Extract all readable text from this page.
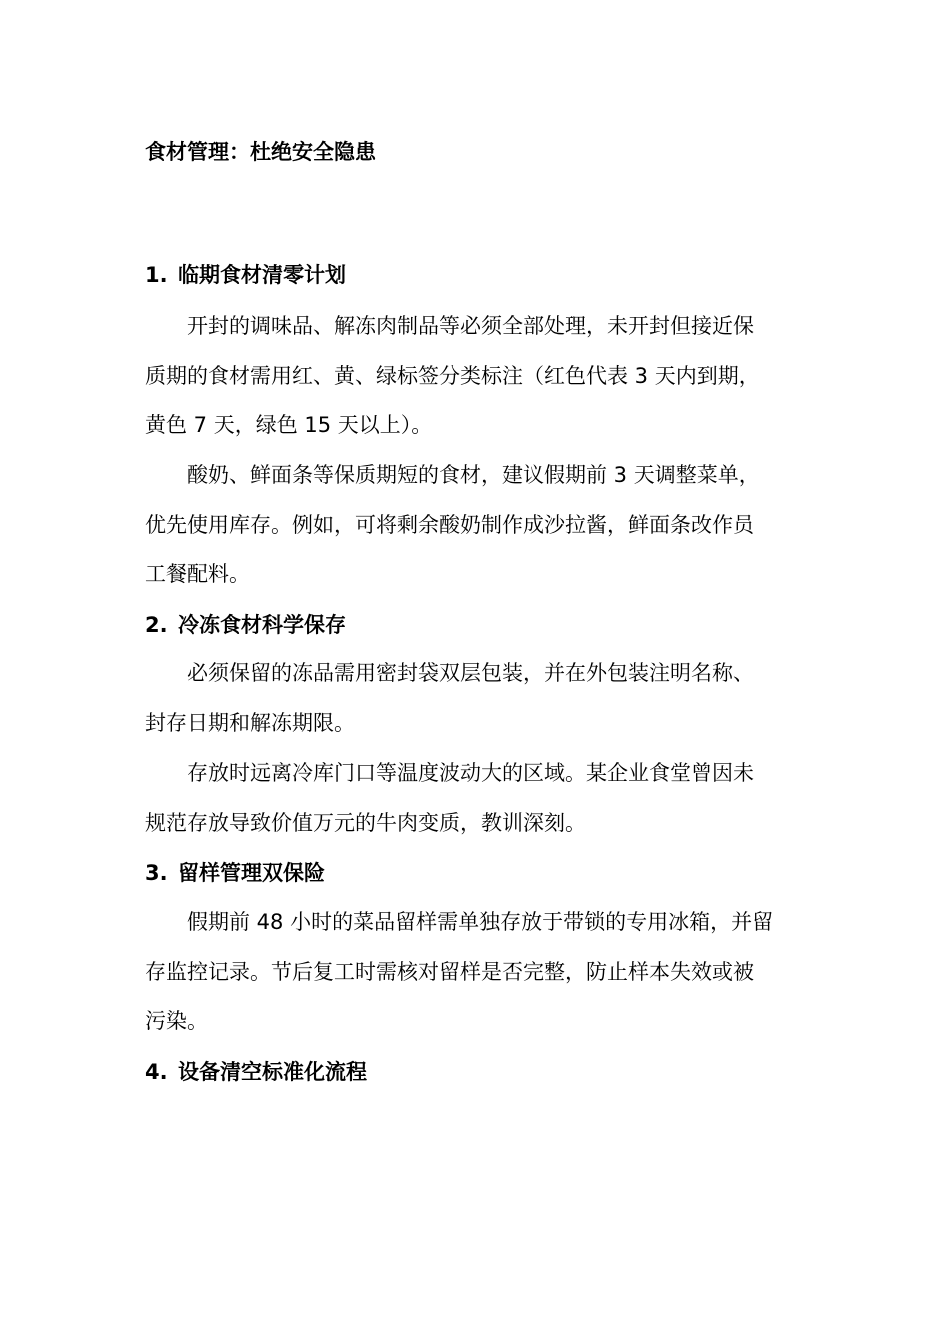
食材管理：杜绝安全隐患
1. 临期食材清零计划
开封的调味品、解冻肉制品等必须全部处理，未开封但接近保
质期的食材需用红、黄、绿标签分类标注（红色代表 3 天内到期，
黄色 7 天，绿色 15 天以上）。
酸奶、鲜面条等保质期短的食材，建议假期前 3 天调整菜单，
优先使用库存。例如，可将剩余酸奶制作成沙拉酱，鲜面条改作员
工餐配料。
2. 冷冻食材科学保存
必须保留的冻品需用密封袋双层包装，并在外包装注明名称、
封存日期和解冻期限。
存放时远离冷库门口等温度波动大的区域。某企业食堂曾因未
规范存放导致价值万元的牛肉变质，教训深刻。
3. 留样管理双保险
假期前 48 小时的菜品留样需单独存放于带锁的专用冰箱，并留
存监控记录。节后复工时需核对留样是否完整，防止样本失效或被
污染。
4. 设备清空标准化流程
